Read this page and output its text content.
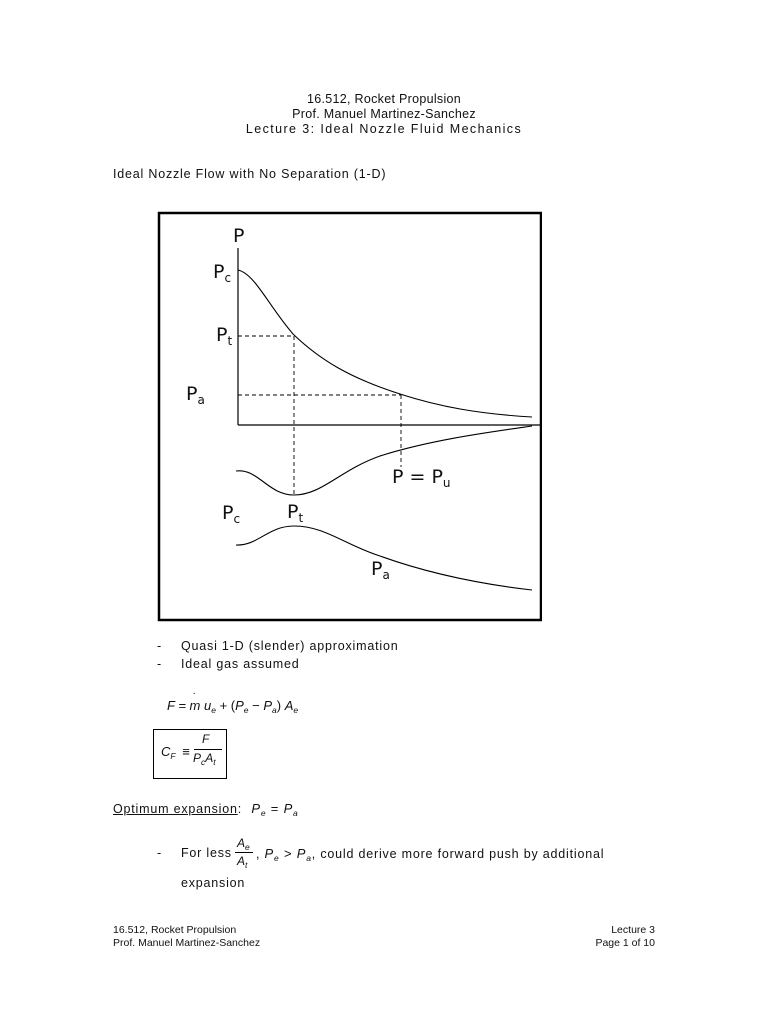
16.512, Rocket Propulsion
Prof. Manuel Martinez-Sanchez
Lecture 3: Ideal Nozzle Fluid Mechanics
Ideal Nozzle Flow with No Separation (1-D)
P
$P_c$
$P_t$
$P_a$
$P = P_u$
$P_c$ $P_t$
$P_a$
- Quasi 1-D (slender) approximation
- Ideal gas assumed
F = m
·
$u_e + (P_e - P_a)$ $A_e$
$C_F$ ≡
F
$P_cA_t$
Optimum expansion: $P_e = P_a$
- For less
$A_e$
$A_t$
, $P_e > P_a$, could derive more forward push by additional
expansion
16.512, Rocket Propulsion
Prof. Manuel Martinez-Sanchez
Lecture 3
Page 1 of 10
